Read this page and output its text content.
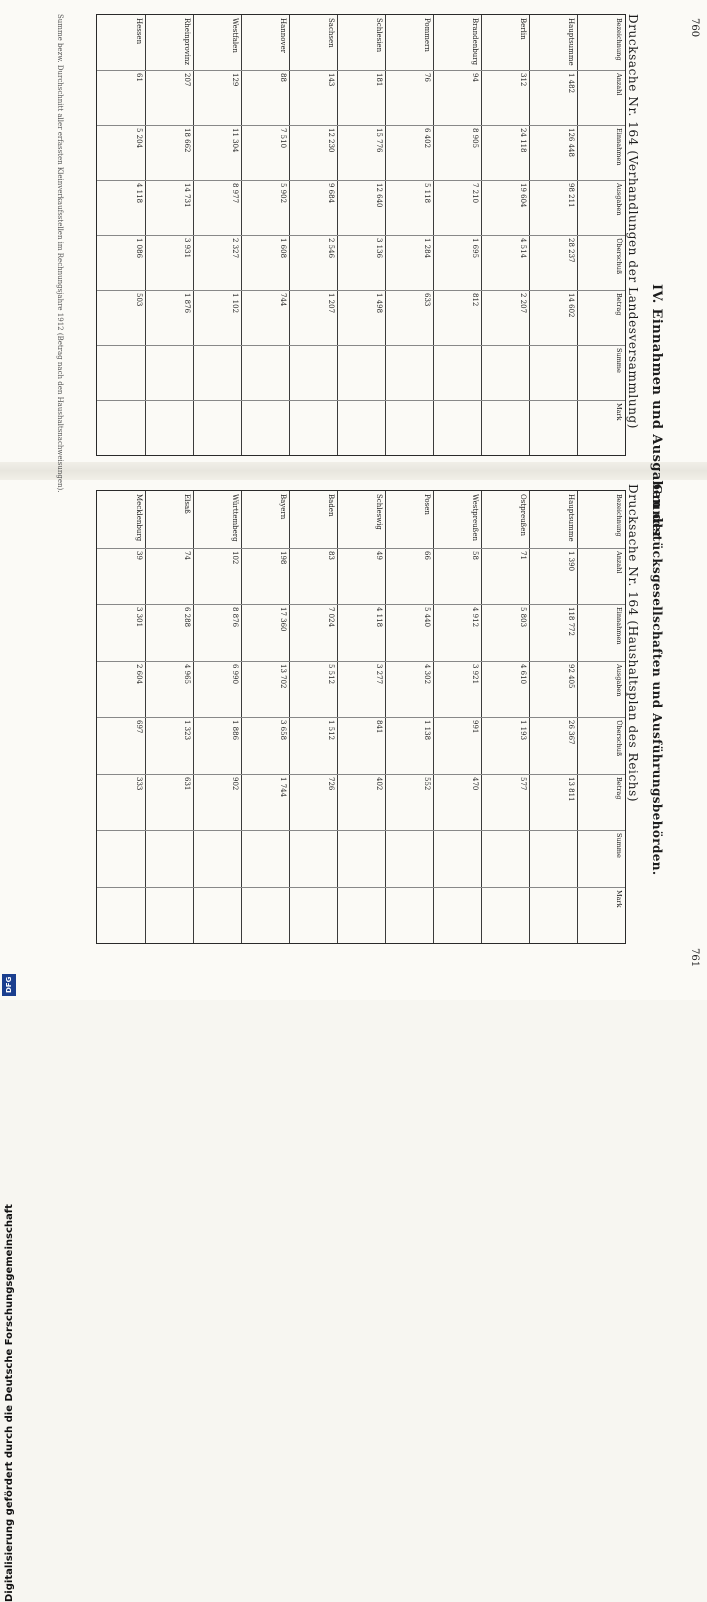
760
Drucksache Nr. 164 (Verhandlungen der Landesversammlung) IV. Einnahmen und Ausgaben der
761
Drucksache Nr. 164 (Haushaltsplan des Reichs) Grundstücksgesellschaften und Ausführungsbehörden.
Summe bezw. Durchschnitt aller erfassten Kleinverkaufsstellen im Rechnungsjahre 1912 (Betrag nach den Haushaltsnachweisungen).	Bezeichnung
Anzahl
Einnahmen
Ausgaben
Überschuß
Betrag
Summe
Mark
Hauptsumme
1 482
126 448
98 211
28 237
14 602
Berlin
312
24 118
19 604
4 514
2 207
Brandenburg
94
8 905
7 210
1 695
812
Pommern
76
6 402
5 118
1 284
633
Schlesien
181
15 776
12 640
3 136
1 498
Sachsen
143
12 230
9 684
2 546
1 207
Hannover
88
7 510
5 902
1 608
744
Westfalen
129
11 304
8 977
2 327
1 102
Rheinprovinz
207
18 662
14 731
3 931
1 876
Hessen
61
5 204
4 118
1 086
503
Bezeichnung
Anzahl
Einnahmen
Ausgaben
Überschuß
Betrag
Summe
Mark
Hauptsumme
1 390
118 772
92 405
26 367
13 811
Ostpreußen
71
5 803
4 610
1 193
577
Westpreußen
58
4 912
3 921
991
470
Posen
66
5 440
4 302
1 138
552
Schleswig
49
4 118
3 277
841
402
Baden
83
7 024
5 512
1 512
726
Bayern
198
17 360
13 702
3 658
1 744
Württemberg
102
8 876
6 990
1 886
902
Elsaß
74
6 288
4 965
1 323
631
Mecklenburg
39
3 301
2 604
697
333
Digitalisierung gefördert durch die Deutsche Forschungsgemeinschaft
DFG
